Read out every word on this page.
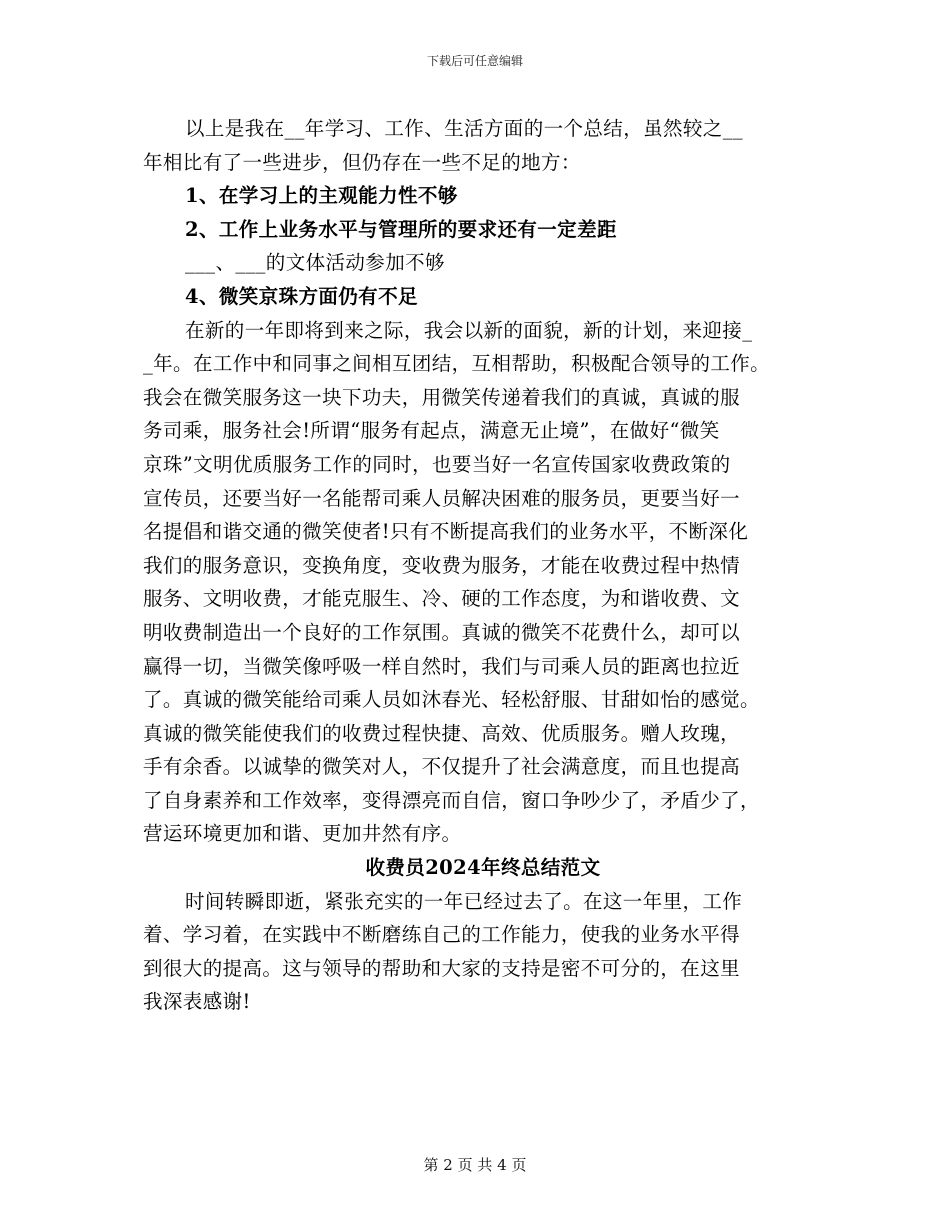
下载后可任意编辑
以上是我在__年学习、工作、生活方面的一个总结，虽然较之__
年相比有了一些进步，但仍存在一些不足的地方：
1、在学习上的主观能力性不够
2、工作上业务水平与管理所的要求还有一定差距
___、___的文体活动参加不够
4、微笑京珠方面仍有不足
在新的一年即将到来之际，我会以新的面貌，新的计划，来迎接_
_年。在工作中和同事之间相互团结，互相帮助，积极配合领导的工作。
我会在微笑服务这一块下功夫，用微笑传递着我们的真诚，真诚的服
务司乘，服务社会!所谓“服务有起点，满意无止境”，在做好“微笑
京珠”文明优质服务工作的同时，也要当好一名宣传国家收费政策的
宣传员，还要当好一名能帮司乘人员解决困难的服务员，更要当好一
名提倡和谐交通的微笑使者!只有不断提高我们的业务水平，不断深化
我们的服务意识，变换角度，变收费为服务，才能在收费过程中热情
服务、文明收费，才能克服生、冷、硬的工作态度，为和谐收费、文
明收费制造出一个良好的工作氛围。真诚的微笑不花费什么，却可以
赢得一切，当微笑像呼吸一样自然时，我们与司乘人员的距离也拉近
了。真诚的微笑能给司乘人员如沐春光、轻松舒服、甘甜如怡的感觉。
真诚的微笑能使我们的收费过程快捷、高效、优质服务。赠人玫瑰，
手有余香。以诚挚的微笑对人，不仅提升了社会满意度，而且也提高
了自身素养和工作效率，变得漂亮而自信，窗口争吵少了，矛盾少了，
营运环境更加和谐、更加井然有序。
收费员2024年终总结范文
时间转瞬即逝，紧张充实的一年已经过去了。在这一年里，工作
着、学习着，在实践中不断磨练自己的工作能力，使我的业务水平得
到很大的提高。这与领导的帮助和大家的支持是密不可分的，在这里
我深表感谢!
第 2 页 共 4 页
